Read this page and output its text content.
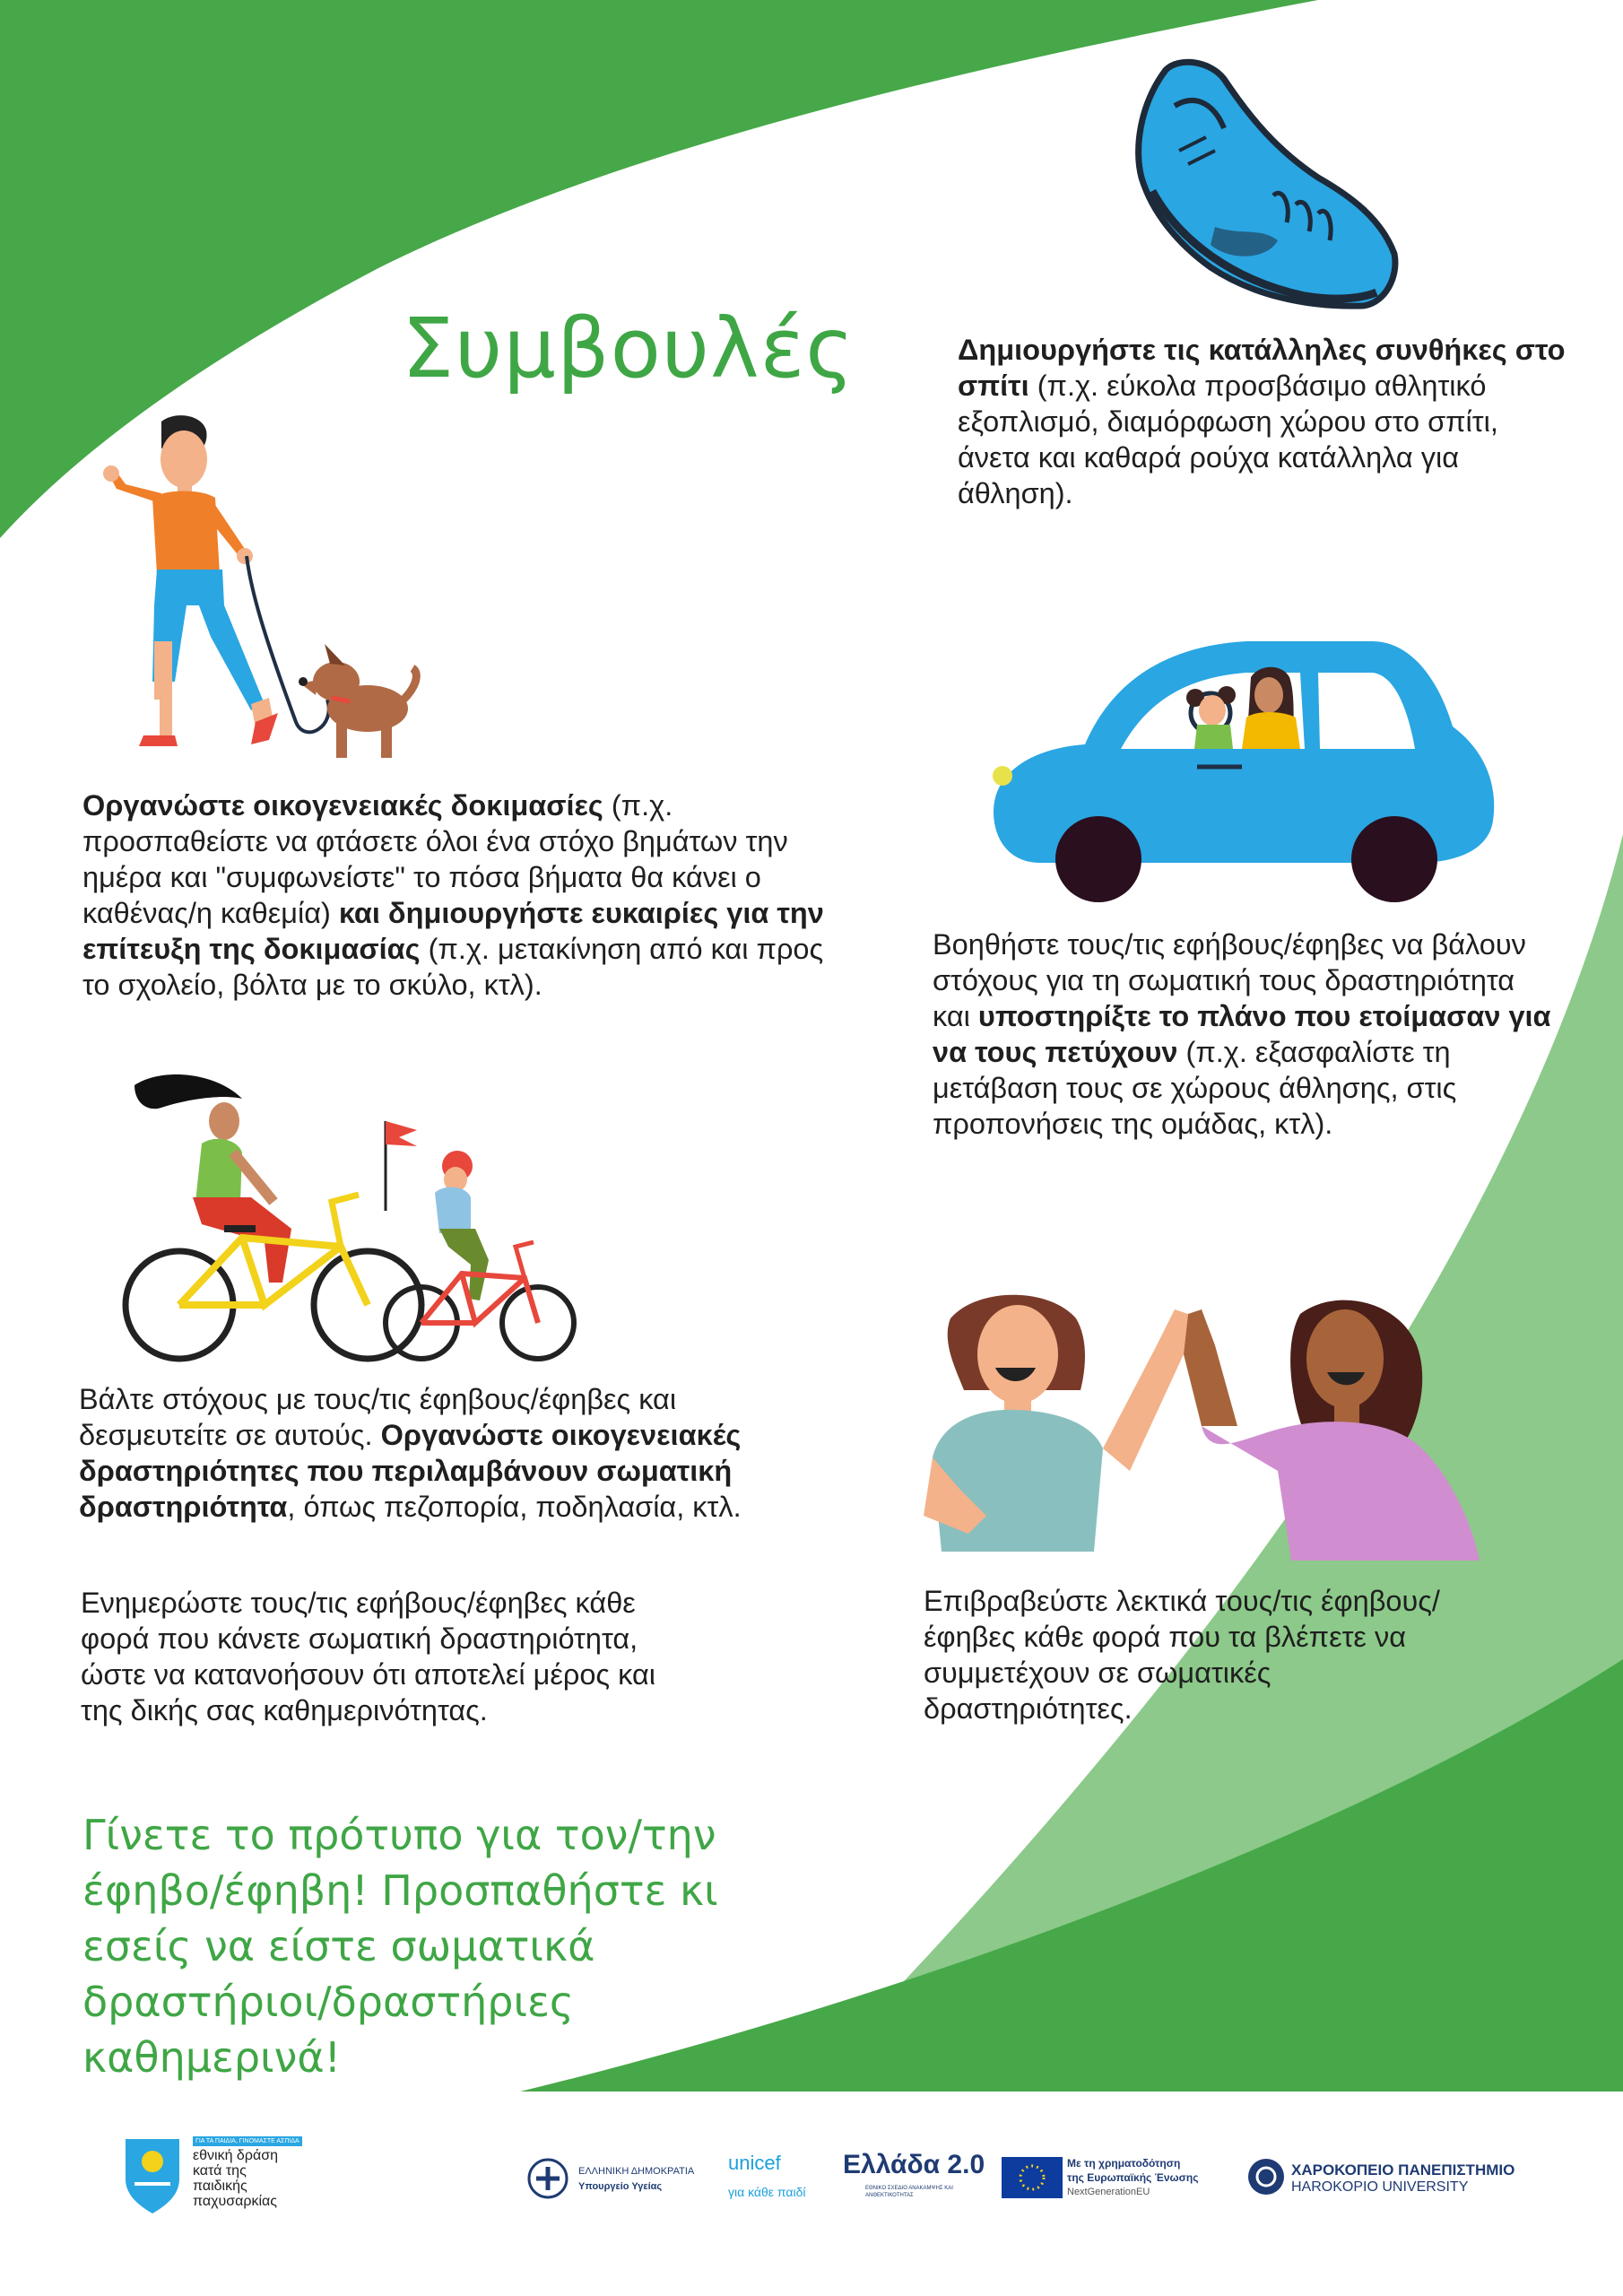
Συμβουλές	Δημιουργήστε τις κατάλληλες συνθήκες στο σπίτι (π.χ. εύκολα προσβάσιμο αθλητικό εξοπλισμό, διαμόρφωση χώρου στο σπίτι, άνετα και καθαρά ρούχα κατάλληλα για άθληση).
Οργανώστε οικογενειακές δοκιμασίες (π.χ. προσπαθείστε να φτάσετε όλοι ένα στόχο βημάτων την ημέρα και "συμφωνείστε" το πόσα βήματα θα κάνει ο καθένας/η καθεμία) και δημιουργήστε ευκαιρίες για την επίτευξη της δοκιμασίας (π.χ. μετακίνηση από και προς το σχολείο, βόλτα με το σκύλο, κτλ).
Βοηθήστε τους/τις εφήβους/έφηβες να βάλουν στόχους για τη σωματική τους δραστηριότητα και υποστηρίξτε το πλάνο που ετοίμασαν για να τους πετύχουν (π.χ. εξασφαλίστε τη μετάβαση τους σε χώρους άθλησης, στις προπονήσεις της ομάδας, κτλ).
Βάλτε στόχους με τους/τις έφηβους/έφηβες και δεσμευτείτε σε αυτούς. Οργανώστε οικογενειακές δραστηριότητες που περιλαμβάνουν σωματική δραστηριότητα, όπως πεζοπορία, ποδηλασία, κτλ.
Ενημερώστε τους/τις εφήβους/έφηβες κάθε φορά που κάνετε σωματική δραστηριότητα, ώστε να κατανοήσουν ότι αποτελεί μέρος και της δικής σας καθημερινότητας.
Επιβραβεύστε λεκτικά τους/τις έφηβους/έφηβες κάθε φορά που τα βλέπετε να συμμετέχουν σε σωματικές δραστηριότητες.
Γίνετε το πρότυπο για τον/την έφηβο/έφηβη! Προσπαθήστε κι εσείς να είστε σωματικά δραστήριοι/δραστήριες καθημερινά!
ΓΙΑ ΤΑ ΠΑΙΔΙΑ, ΓΙΝΟΜΑΣΤΕ ΑΣΠΙΔΑ
εθνική δράση
κατά της
παιδικής
παχυσαρκίας
ΕΛΛΗΝΙΚΗ ΔΗΜΟΚΡΑΤΙΑ
Υπουργείο Υγείας
unicef
για κάθε παιδί
Ελλάδα 2.0
ΕΘΝΙΚΟ ΣΧΕΔΙΟ ΑΝΑΚΑΜΨΗΣ ΚΑΙ ΑΝΘΕΚΤΙΚΟΤΗΤΑΣ
Με τη χρηματοδότηση
της Ευρωπαϊκής Ένωσης
NextGenerationEU
ΧΑΡΟΚΟΠΕΙΟ ΠΑΝΕΠΙΣΤΗΜΙΟ
HAROKOPIO UNIVERSITY
